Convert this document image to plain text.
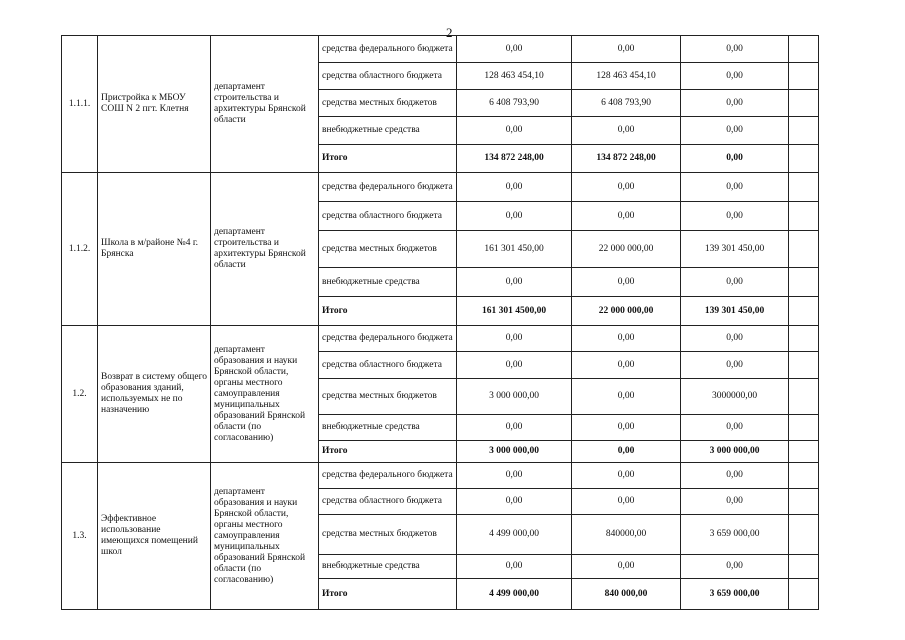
2
1.1.1.	Пристройка к МБОУ СОШ N 2 пгт. Клетня	департамент строительства и архитектуры Брянской области	средства федерального бюджета	0,00	0,00	0,00	
			средства областного бюджета	128 463 454,10	128 463 454,10	0,00	
			средства местных бюджетов	6 408 793,90	6 408 793,90	0,00	
			внебюджетные средства	0,00	0,00	0,00	
			Итого	134 872 248,00	134 872 248,00	0,00	
1.1.2.	Школа в м/районе №4 г. Брянска	департамент строительства и архитектуры Брянской области	средства федерального бюджета	0,00	0,00	0,00	
			средства областного бюджета	0,00	0,00	0,00	
			средства местных бюджетов	161 301 450,00	22 000 000,00	139 301 450,00	
			внебюджетные средства	0,00	0,00	0,00	
			Итого	161 301 4500,00	22 000 000,00	139 301 450,00	
1.2.	Возврат в систему общего образования зданий, используемых не по назначению	департамент образования и науки Брянской области, органы местного самоуправления муниципальных образований Брянской области (по согласованию)	средства федерального бюджета	0,00	0,00	0,00	
			средства областного бюджета	0,00	0,00	0,00	
			средства местных бюджетов	3 000 000,00	0,00	3000000,00	
			внебюджетные средства	0,00	0,00	0,00	
			Итого	3 000 000,00	0,00	3 000 000,00	
1.3.	Эффективное использование имеющихся помещений школ	департамент образования и науки Брянской области, органы местного самоуправления муниципальных образований Брянской области (по согласованию)	средства федерального бюджета	0,00	0,00	0,00	
			средства областного бюджета	0,00	0,00	0,00	
			средства местных бюджетов	4 499 000,00	840000,00	3 659 000,00	
			внебюджетные средства	0,00	0,00	0,00	
			Итого	4 499 000,00	840 000,00	3 659 000,00	
